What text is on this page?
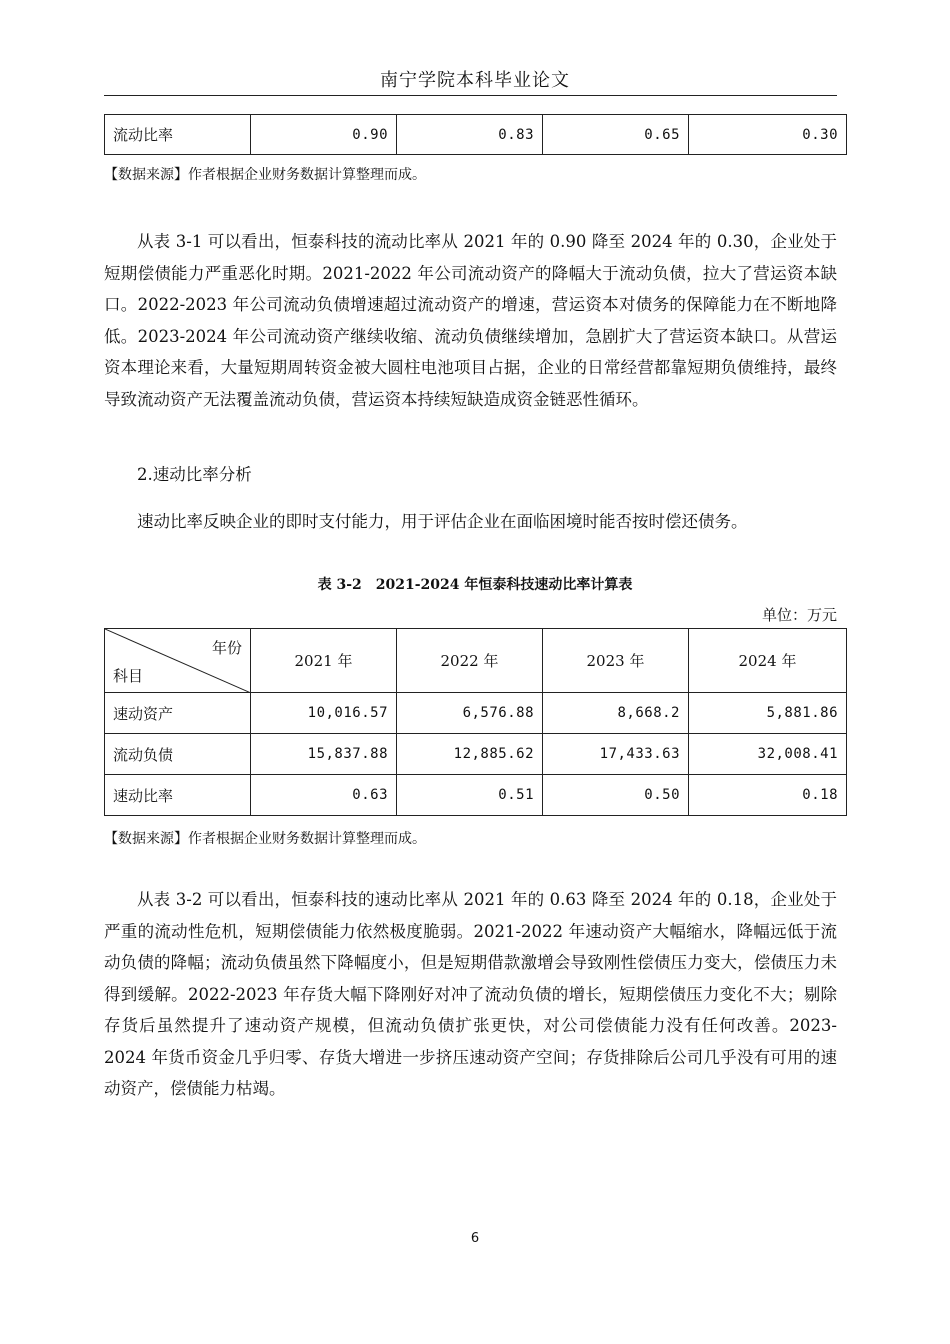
南宁学院本科毕业论文
流动比率	0.90	0.83	0.65	0.30
【数据来源】作者根据企业财务数据计算整理而成。

从表 3-1 可以看出，恒泰科技的流动比率从 2021 年的 0.90 降至 2024 年的 0.30，企业处于短期偿债能力严重恶化时期。2021-2022 年公司流动资产的降幅大于流动负债，拉大了营运资本缺口。2022-2023 年公司流动负债增速超过流动资产的增速，营运资本对债务的保障能力在不断地降低。2023-2024 年公司流动资产继续收缩、流动负债继续增加，急剧扩大了营运资本缺口。从营运资本理论来看，大量短期周转资金被大圆柱电池项目占据，企业的日常经营都靠短期负债维持，最终导致流动资产无法覆盖流动负债，营运资本持续短缺造成资金链恶性循环。

2.速动比率分析

速动比率反映企业的即时支付能力，用于评估企业在面临困境时能否按时偿还债务。

表 3-2　2021-2024 年恒泰科技速动比率计算表
单位：万元
年份
科目	2021 年	2022 年	2023 年	2024 年
速动资产	10,016.57	6,576.88	8,668.2	5,881.86
流动负债	15,837.88	12,885.62	17,433.63	32,008.41
速动比率	0.63	0.51	0.50	0.18
【数据来源】作者根据企业财务数据计算整理而成。

从表 3-2 可以看出，恒泰科技的速动比率从 2021 年的 0.63 降至 2024 年的 0.18，企业处于严重的流动性危机，短期偿债能力依然极度脆弱。2021-2022 年速动资产大幅缩水，降幅远低于流动负债的降幅；流动负债虽然下降幅度小，但是短期借款激增会导致刚性偿债压力变大，偿债压力未得到缓解。2022-2023 年存货大幅下降刚好对冲了流动负债的增长，短期偿债压力变化不大；剔除存货后虽然提升了速动资产规模，但流动负债扩张更快，对公司偿债能力没有任何改善。2023-2024 年货币资金几乎归零、存货大增进一步挤压速动资产空间；存货排除后公司几乎没有可用的速动资产，偿债能力枯竭。

6
